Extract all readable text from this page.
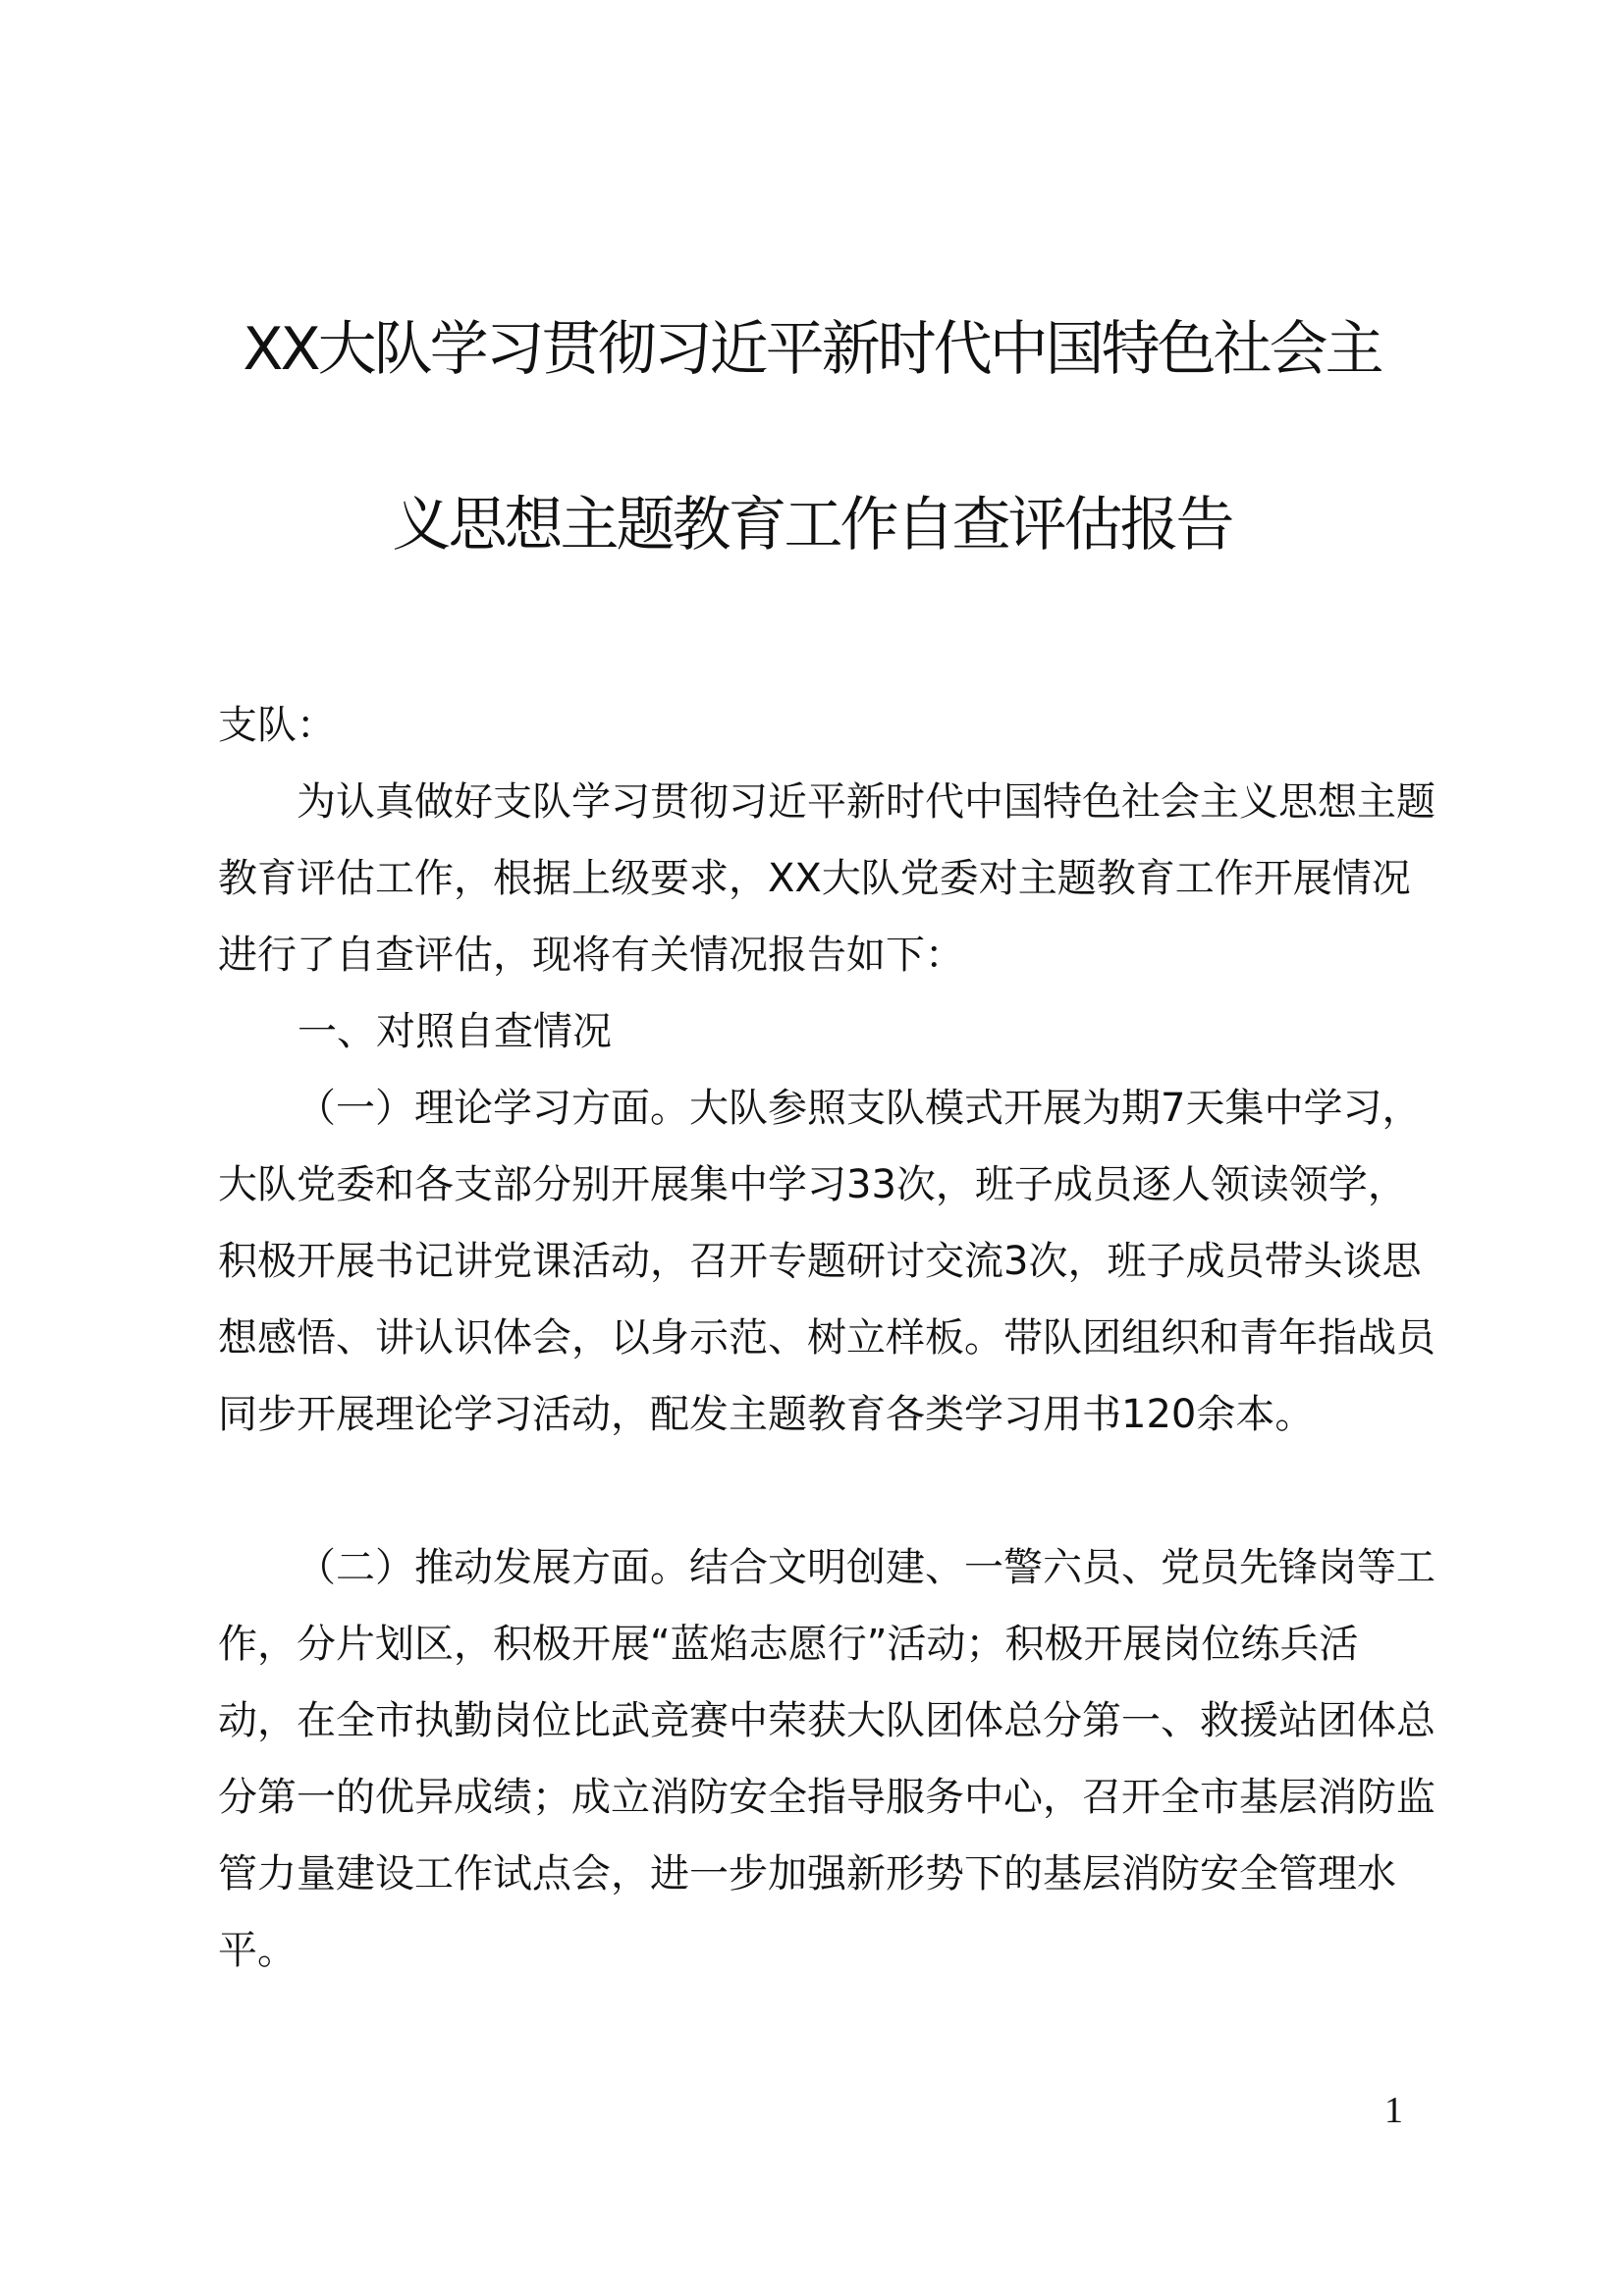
XX大队学习贯彻习近平新时代中国特色社会主
义思想主题教育工作自查评估报告

支队：

为认真做好支队学习贯彻习近平新时代中国特色社会主义思想主题教育评估工作，根据上级要求，XX大队党委对主题教育工作开展情况进行了自查评估，现将有关情况报告如下：

一、对照自查情况

（一）理论学习方面。大队参照支队模式开展为期7天集中学习，大队党委和各支部分别开展集中学习33次，班子成员逐人领读领学，积极开展书记讲党课活动，召开专题研讨交流3次，班子成员带头谈思想感悟、讲认识体会，以身示范、树立样板。带队团组织和青年指战员同步开展理论学习活动，配发主题教育各类学习用书120余本。

（二）推动发展方面。结合文明创建、一警六员、党员先锋岗等工作，分片划区，积极开展“蓝焰志愿行”活动；积极开展岗位练兵活动，在全市执勤岗位比武竞赛中荣获大队团体总分第一、救援站团体总分第一的优异成绩；成立消防安全指导服务中心，召开全市基层消防监管力量建设工作试点会，进一步加强新形势下的基层消防安全管理水平。

1
